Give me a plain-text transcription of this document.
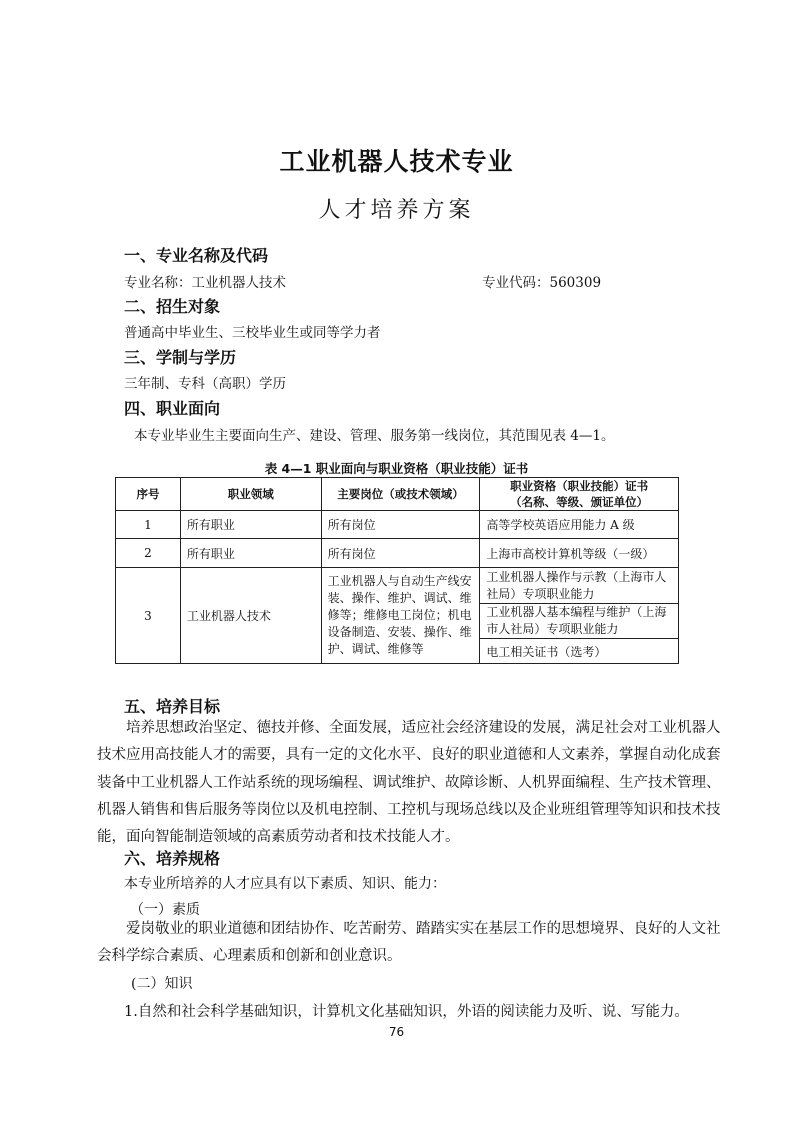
工业机器人技术专业
人才培养方案
一、专业名称及代码
专业名称：工业机器人技术	专业代码：560309
二、招生对象
普通高中毕业生、三校毕业生或同等学力者
三、学制与学历
三年制、专科（高职）学历
四、职业面向
本专业毕业生主要面向生产、建设、管理、服务第一线岗位，其范围见表 4—1。
表 4—1 职业面向与职业资格（职业技能）证书
序号	职业领域	主要岗位（或技术领域）	职业资格（职业技能）证书
（名称、等级、颁证单位）
1	所有职业	所有岗位	高等学校英语应用能力 A 级
2	所有职业	所有岗位	上海市高校计算机等级（一级）
3	工业机器人技术	工业机器人与自动生产线安
装、操作、维护、调试、维
修等；维修电工岗位；机电
设备制造、安装、操作、维
护、调试、维修等	工业机器人操作与示教（上海市人
社局）专项职业能力

			工业机器人基本编程与维护（上海
市人社局）专项职业能力

			电工相关证书（选考）
五、培养目标
　　培养思想政治坚定、德技并修、全面发展，适应社会经济建设的发展，满足社会对工业机器人
技术应用高技能人才的需要，具有一定的文化水平、良好的职业道德和人文素养，掌握自动化成套
装备中工业机器人工作站系统的现场编程、调试维护、故障诊断、人机界面编程、生产技术管理、
机器人销售和售后服务等岗位以及机电控制、工控机与现场总线以及企业班组管理等知识和技术技
能，面向智能制造领域的高素质劳动者和技术技能人才。
六、培养规格
本专业所培养的人才应具有以下素质、知识、能力：
（一）素质
　　爱岗敬业的职业道德和团结协作、吃苦耐劳、踏踏实实在基层工作的思想境界、良好的人文社
会科学综合素质、心理素质和创新和创业意识。
(二）知识
1.自然和社会科学基础知识，计算机文化基础知识，外语的阅读能力及听、说、写能力。
76
